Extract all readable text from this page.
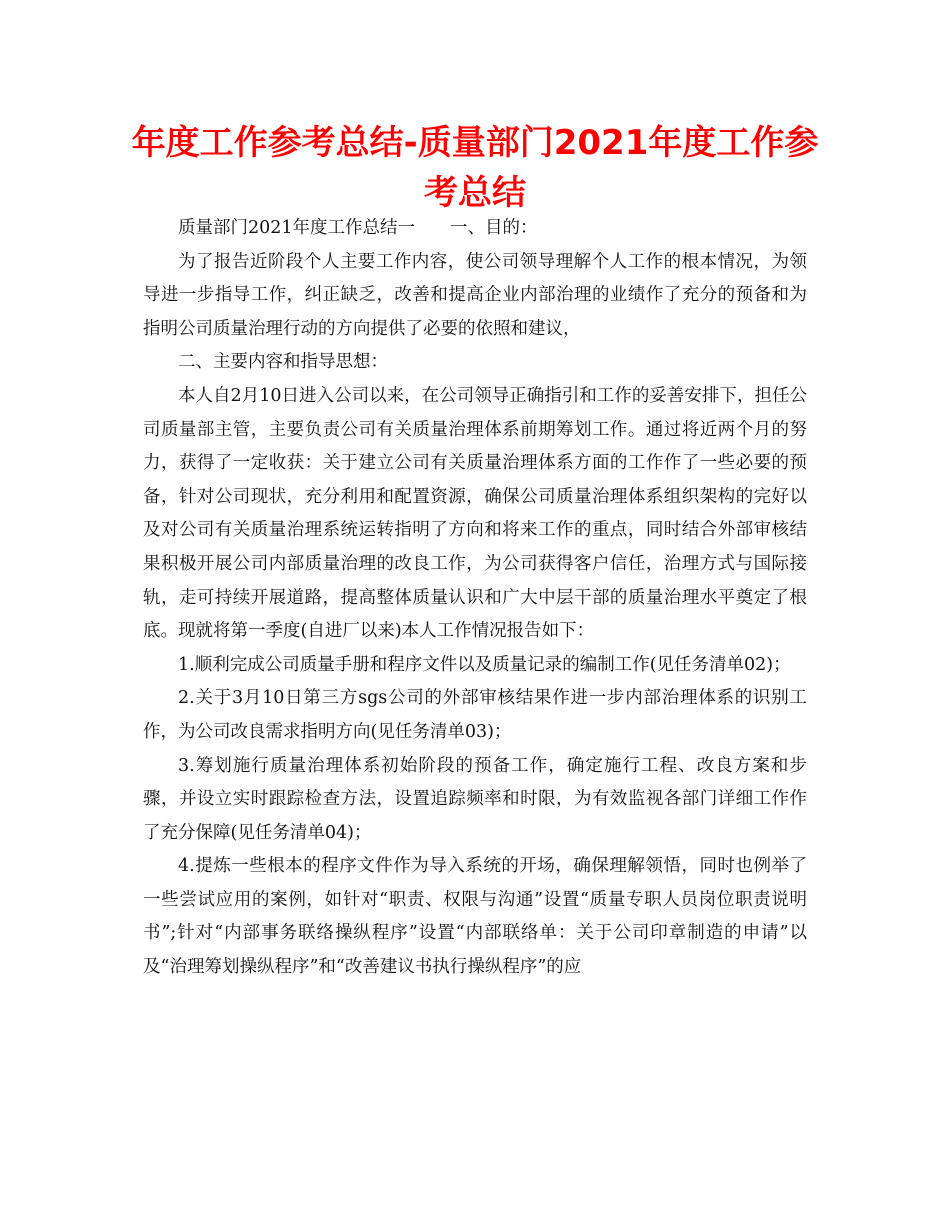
年度工作参考总结-质量部门2021年度工作参考总结

质量部门2021年度工作总结一　　一、目的：

为了报告近阶段个人主要工作内容，使公司领导理解个人工作的根本情况，为领导进一步指导工作，纠正缺乏，改善和提高企业内部治理的业绩作了充分的预备和为指明公司质量治理行动的方向提供了必要的依照和建议，

二、主要内容和指导思想：

本人自2月10日进入公司以来，在公司领导正确指引和工作的妥善安排下，担任公司质量部主管，主要负责公司有关质量治理体系前期筹划工作。通过将近两个月的努力，获得了一定收获：关于建立公司有关质量治理体系方面的工作作了一些必要的预备，针对公司现状，充分利用和配置资源，确保公司质量治理体系组织架构的完好以及对公司有关质量治理系统运转指明了方向和将来工作的重点，同时结合外部审核结果积极开展公司内部质量治理的改良工作，为公司获得客户信任，治理方式与国际接轨，走可持续开展道路，提高整体质量认识和广大中层干部的质量治理水平奠定了根底。现就将第一季度(自进厂以来)本人工作情况报告如下：

1.顺利完成公司质量手册和程序文件以及质量记录的编制工作(见任务清单02)；

2.关于3月10日第三方sgs公司的外部审核结果作进一步内部治理体系的识别工作，为公司改良需求指明方向(见任务清单03)；

3.筹划施行质量治理体系初始阶段的预备工作，确定施行工程、改良方案和步骤，并设立实时跟踪检查方法，设置追踪频率和时限，为有效监视各部门详细工作作了充分保障(见任务清单04)；

4.提炼一些根本的程序文件作为导入系统的开场，确保理解领悟，同时也例举了一些尝试应用的案例，如针对“职责、权限与沟通”设置“质量专职人员岗位职责说明书”;针对“内部事务联络操纵程序”设置“内部联络单：关于公司印章制造的申请”以及“治理筹划操纵程序”和“改善建议书执行操纵程序”的应
